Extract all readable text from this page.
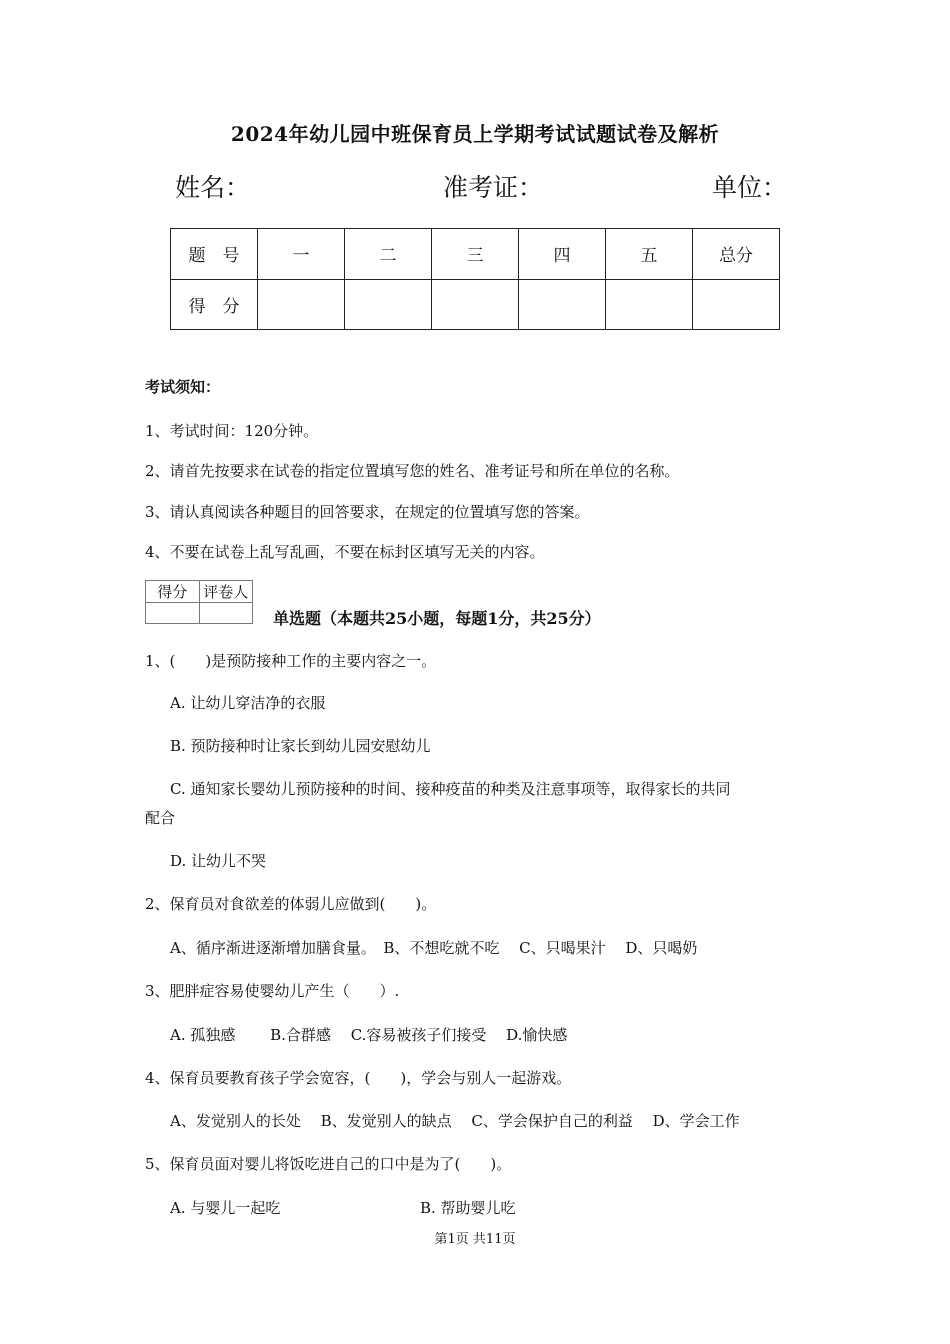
2024年幼儿园中班保育员上学期考试试题试卷及解析
姓名：	准考证：	单位：
题　号	一	二	三	四	五	总分
得　分						
考试须知：
1、考试时间：120分钟。
2、请首先按要求在试卷的指定位置填写您的姓名、准考证号和所在单位的名称。
3、请认真阅读各种题目的回答要求，在规定的位置填写您的答案。
4、不要在试卷上乱写乱画，不要在标封区填写无关的内容。
得分	评卷人

单选题（本题共25小题，每题1分，共25分）
1、(　　)是预防接种工作的主要内容之一。
A. 让幼儿穿洁净的衣服
B. 预防接种时让家长到幼儿园安慰幼儿
C. 通知家长婴幼儿预防接种的时间、接种疫苗的种类及注意事项等，取得家长的共同
配合
D. 让幼儿不哭
2、保育员对食欲差的体弱儿应做到(　　)。
A、循序渐进逐渐增加膳食量。　B、不想吃就不吃　 C、只喝果汁　 D、只喝奶
3、肥胖症容易使婴幼儿产生（　　）.
A. 孤独感　　 B.合群感　 C.容易被孩子们接受　 D.愉快感
4、保育员要教育孩子学会宽容，(　　)，学会与别人一起游戏。
A、发觉别人的长处　 B、发觉别人的缺点　 C、学会保护自己的利益　 D、学会工作
5、保育员面对婴儿将饭吃进自己的口中是为了(　　)。
A. 与婴儿一起吃	B. 帮助婴儿吃
第1页 共11页
